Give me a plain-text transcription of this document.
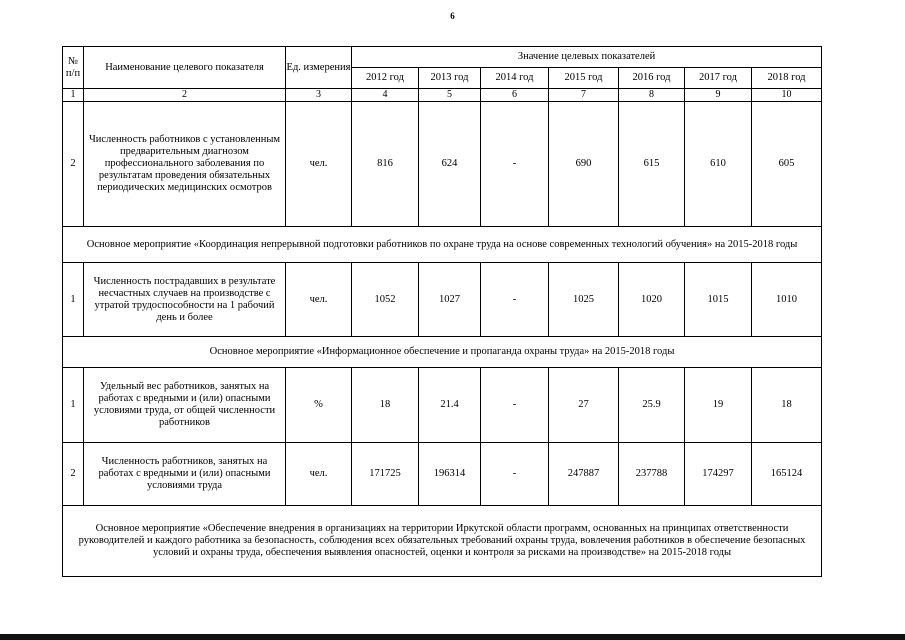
6
№ п/п	Наименование целевого показателя	Ед. измерения	Значение целевых показателей						
			2012 год	2013 год	2014 год	2015 год	2016 год	2017 год	2018 год
1	2	3	4	5	6	7	8	9	10
2	Численность работников с установленным предварительным диагнозом профессионального заболевания по результатам проведения обязательных периодических медицинских осмотров	чел.	816	624	-	690	615	610	605
Основное мероприятие «Координация непрерывной подготовки работников по охране труда на основе современных технологий обучения» на 2015-2018 годы									
1	Численность пострадавших в результате несчастных случаев на производстве с утратой трудоспособности на 1 рабочий день и более	чел.	1052	1027	-	1025	1020	1015	1010
Основное мероприятие «Информационное обеспечение и пропаганда охраны труда» на 2015-2018 годы									
1	Удельный вес работников, занятых на работах с вредными и (или) опасными условиями труда, от общей численности работников	%	18	21.4	-	27	25.9	19	18
2	Численность работников, занятых на работах с вредными и (или) опасными условиями труда	чел.	171725	196314	-	247887	237788	174297	165124
Основное мероприятие «Обеспечение внедрения в организациях на территории Иркутской области программ, основанных на принципах ответственности руководителей и каждого работника за безопасность, соблюдения всех обязательных требований охраны труда, вовлечения работников в обеспечение безопасных условий и охраны труда, обеспечения выявления опасностей, оценки и контроля за рисками на производстве» на 2015-2018 годы									
